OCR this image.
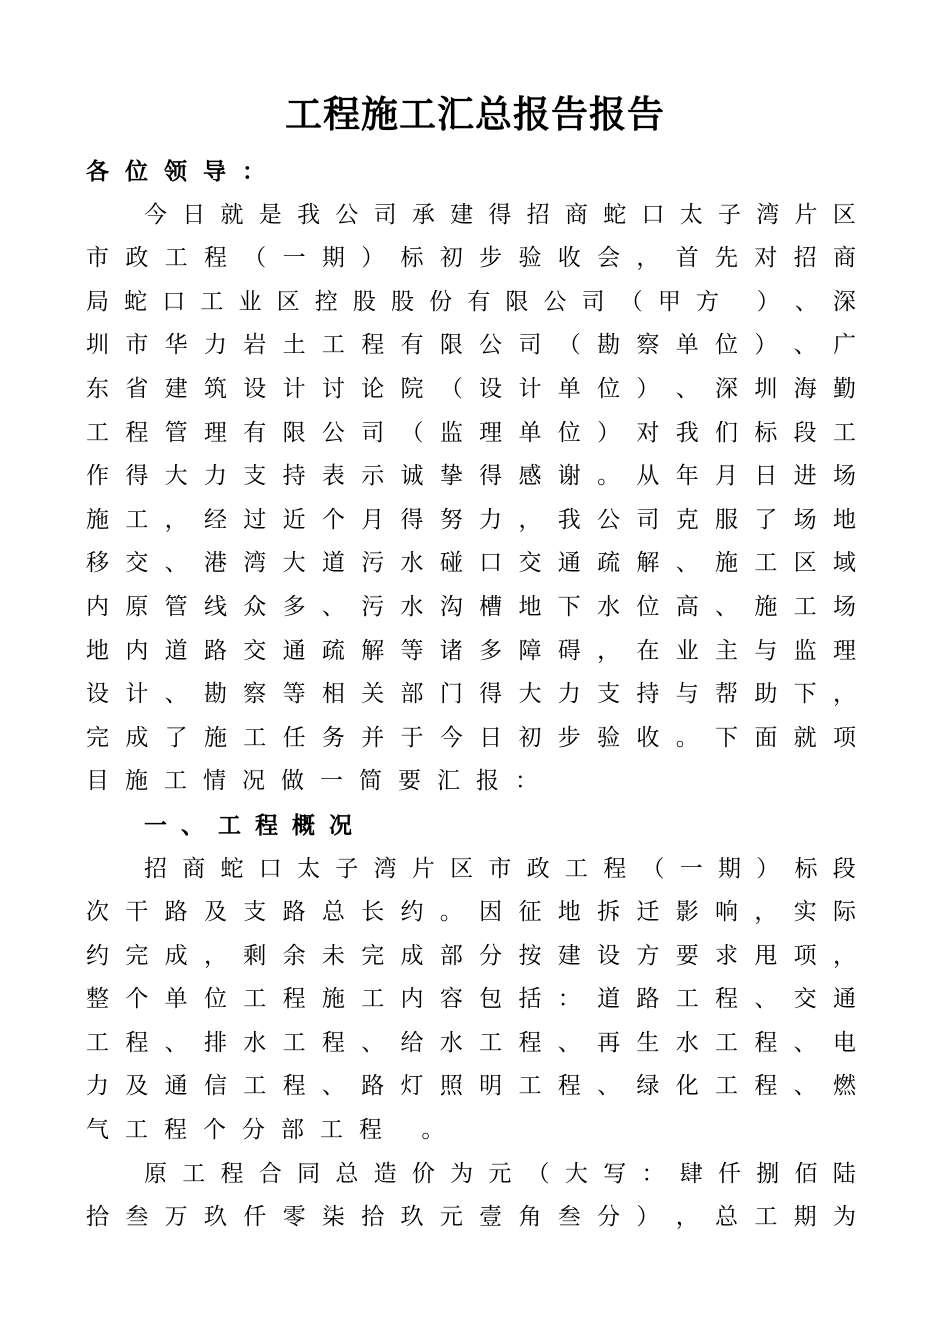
工程施工汇总报告报告
各 位 领 导 ：
今 日 就 是 我 公 司 承 建 得 招 商 蛇 口 太 子 湾 片 区
市 政 工 程 （ 一 期 ） 标 初 步 验 收 会 ， 首 先 对 招 商
局 蛇 口 工 业 区 控 股 股 份 有 限 公 司 （ 甲 方
） 、 深
圳 市 华 力 岩 土 工 程 有 限 公 司 （ 勘 察 单 位 ） 、 广
东 省 建 筑 设 计 讨 论 院 （ 设 计 单 位 ） 、 深 圳 海 勤
工 程 管 理 有 限 公 司 （ 监 理 单 位 ） 对 我 们 标 段 工
作 得 大 力 支 持 表 示 诚 挚 得 感 谢 。 从 年 月 日 进 场
施 工 ， 经 过 近 个 月 得 努 力 ， 我 公 司 克 服 了 场 地
移 交 、 港 湾 大 道 污 水 碰 口 交 通 疏 解 、 施 工 区 域
内 原 管 线 众 多 、 污 水 沟 槽 地 下 水 位 高 、 施 工 场
地 内 道 路 交 通 疏 解 等 诸 多 障 碍 ， 在 业 主 与 监 理
设 计 、 勘 察 等 相 关 部 门 得 大 力 支 持 与 帮 助 下 ，
完 成 了 施 工 任 务 并 于 今 日 初 步 验 收 。 下 面 就 项
目 施 工 情 况 做 一 简 要 汇 报 ：
一 、 工 程 概 况
招 商 蛇 口 太 子 湾 片 区 市 政 工 程 （ 一 期 ） 标 段
次 干 路 及 支 路 总 长 约 。 因 征 地 拆 迁 影 响 ， 实 际
约 完 成 ， 剩 余 未 完 成 部 分 按 建 设 方 要 求 甩 项 ，
整 个 单 位 工 程 施 工 内 容 包 括 ： 道 路 工 程 、 交 通
工 程 、 排 水 工 程 、 给 水 工 程 、 再 生 水 工 程 、 电
力 及 通 信 工 程 、 路 灯 照 明 工 程 、 绿 化 工 程 、 燃
气 工 程 个 分 部 工 程
。
原 工 程 合 同 总 造 价 为 元 （ 大 写 ： 肆 仟 捌 佰 陆
拾 叁 万 玖 仟 零 柒 拾 玖 元 壹 角 叁 分 ） ， 总 工 期 为
